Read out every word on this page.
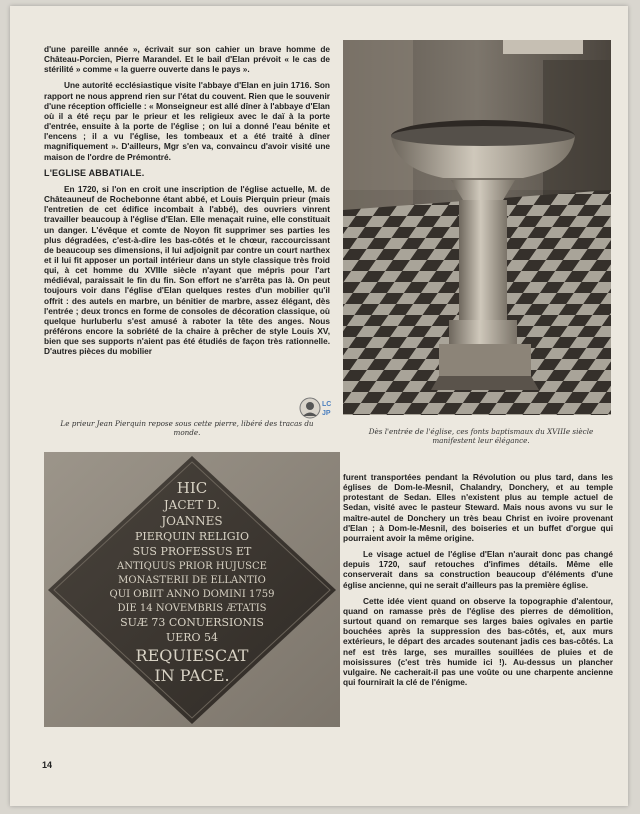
d'une pareille année », écrivait sur son cahier un brave homme de Château-Porcien, Pierre Marandel. Et le bail d'Elan prévoit « le cas de stérilité » comme « la guerre ouverte dans le pays ».

Une autorité ecclésiastique visite l'abbaye d'Elan en juin 1716. Son rapport ne nous apprend rien sur l'état du couvent. Rien que le souvenir d'une réception officielle : « Monseigneur est allé dîner à l'abbaye d'Elan où il a été reçu par le prieur et les religieux avec le daï à la porte d'entrée, ensuite à la porte de l'église ; on lui a donné l'eau bénite et l'encens ; il a vu l'église, les tombeaux et a été traité à dîner magnifiquement ». D'ailleurs, Mgr s'en va, convaincu d'avoir visité une maison de l'ordre de Prémontré.

L'EGLISE ABBATIALE.

En 1720, si l'on en croit une inscription de l'église actuelle, M. de Châteauneuf de Rochebonne étant abbé, et Louis Pierquin prieur (mais l'entretien de cet édifice incombait à l'abbé), des ouvriers vinrent travailler beaucoup à l'église d'Elan. Elle menaçait ruine, elle constituait un danger. L'évêque et comte de Noyon fit supprimer ses parties les plus dégradées, c'est-à-dire les bas-côtés et le chœur, raccourcissant de beaucoup ses dimensions, il lui adjoignit par contre un court narthex et il lui fit apposer un portail intérieur dans un style classique très froid qui, à cet homme du XVIIIe siècle n'ayant que mépris pour l'art médiéval, paraissait le fin du fin. Son effort ne s'arrêta pas là. On peut toujours voir dans l'église d'Elan quelques restes d'un mobilier qu'il offrit : des autels en marbre, un bénitier de marbre, assez élégant, dès l'entrée ; deux troncs en forme de consoles de décoration classique, où quelque hurluberlu s'est amusé à raboter la tête des anges. Nous préférons encore la sobriété de la chaire à prêcher de style Louis XV, bien que ses supports n'aient pas été étudiés de façon très rationnelle. D'autres pièces du mobilier

LC
JP
Le prieur Jean Pierquin repose sous cette pierre, libéré des tracas du monde.	Dès l'entrée de l'église, ces fonts baptismaux du XVIIIe siècle manifestent leur élégance.
HIC
JACET D.
JOANNES
PIERQUIN RELIGIO
SUS PROFESSUS ET
ANTIQUUS PRIOR HUJUSCE
MONASTERII DE ELLANTIO
QUI OBIIT ANNO DOMINI 1759
DIE 14 NOVEMBRIS ÆTATIS
SUÆ 73 CONUERSIONIS
UERO 54
REQUIESCAT
IN PACE.

furent transportées pendant la Révolution ou plus tard, dans les églises de Dom-le-Mesnil, Chalandry, Donchery, et au temple protestant de Sedan. Elles n'existent plus au temple actuel de Sedan, visité avec le pasteur Steward. Mais nous avons vu sur le maître-autel de Donchery un très beau Christ en ivoire provenant d'Elan ; à Dom-le-Mesnil, des boiseries et un buffet d'orgue qui pourraient avoir la même origine.

Le visage actuel de l'église d'Elan n'aurait donc pas changé depuis 1720, sauf retouches d'infimes détails. Même elle conserverait dans sa construction beaucoup d'éléments d'une église ancienne, qui ne serait d'ailleurs pas la première église.

Cette idée vient quand on observe la topographie d'alentour, quand on ramasse près de l'église des pierres de démolition, surtout quand on remarque ses larges baies ogivales en partie bouchées après la suppression des bas-côtés, et, aux murs extérieurs, le départ des arcades soutenant jadis ces bas-côtés. La nef est très large, ses murailles souillées de pluies et de moisissures (c'est très humide ici !). Au-dessus un plancher vulgaire. Ne cacherait-il pas une voûte ou une charpente ancienne qui fournirait la clé de l'énigme.

14
